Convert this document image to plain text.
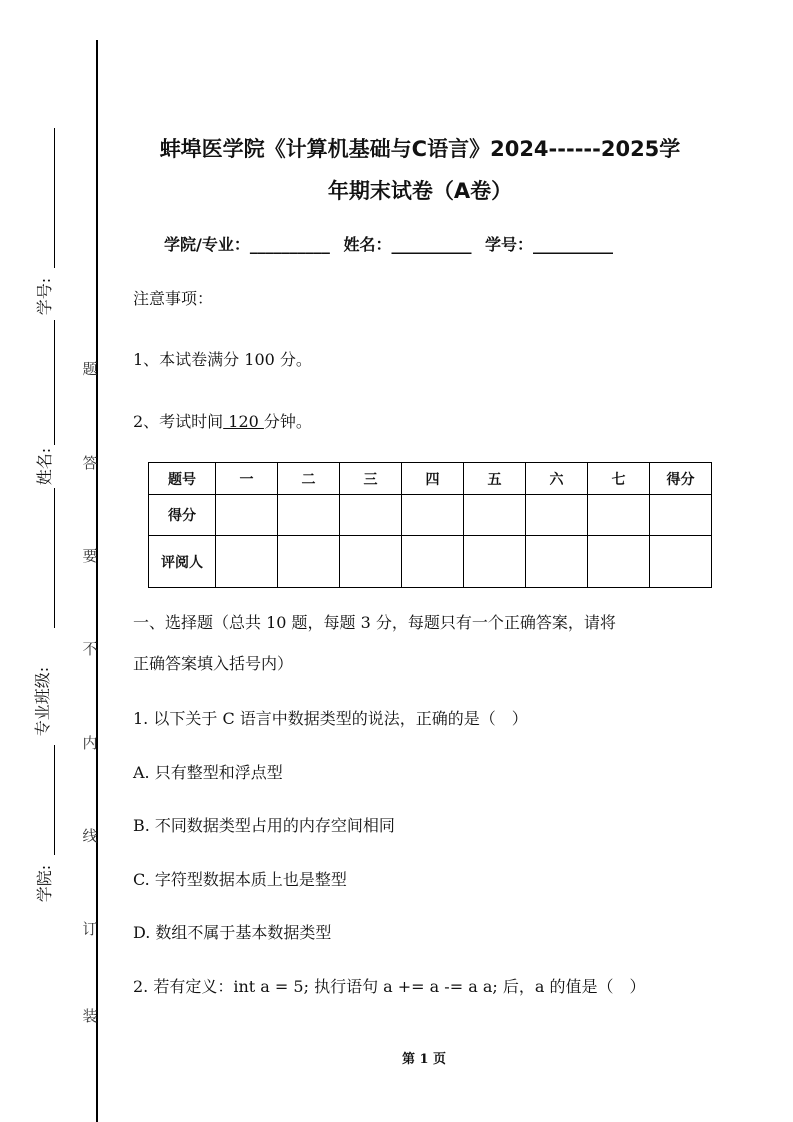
学号:
姓名:
专业班级:
学院:
题
答
要
不
内
线
订
装
蚌埠医学院《计算机基础与C语言》2024------2025学
年期末试卷（A卷）
学院/专业：__________ 姓名：__________ 学号：__________
注意事项：
1、本试卷满分 100 分。
2、考试时间 120 分钟。
题号	一	二	三	四	五	六	七	得分
得分								
评阅人								
一、选择题（总共 10 题，每题 3 分，每题只有一个正确答案，请将
正确答案填入括号内）
1. 以下关于 C 语言中数据类型的说法，正确的是（　）
A. 只有整型和浮点型
B. 不同数据类型占用的内存空间相同
C. 字符型数据本质上也是整型
D. 数组不属于基本数据类型
2. 若有定义：int a = 5; 执行语句 a += a -= a a; 后，a 的值是（　）
第 1 页
